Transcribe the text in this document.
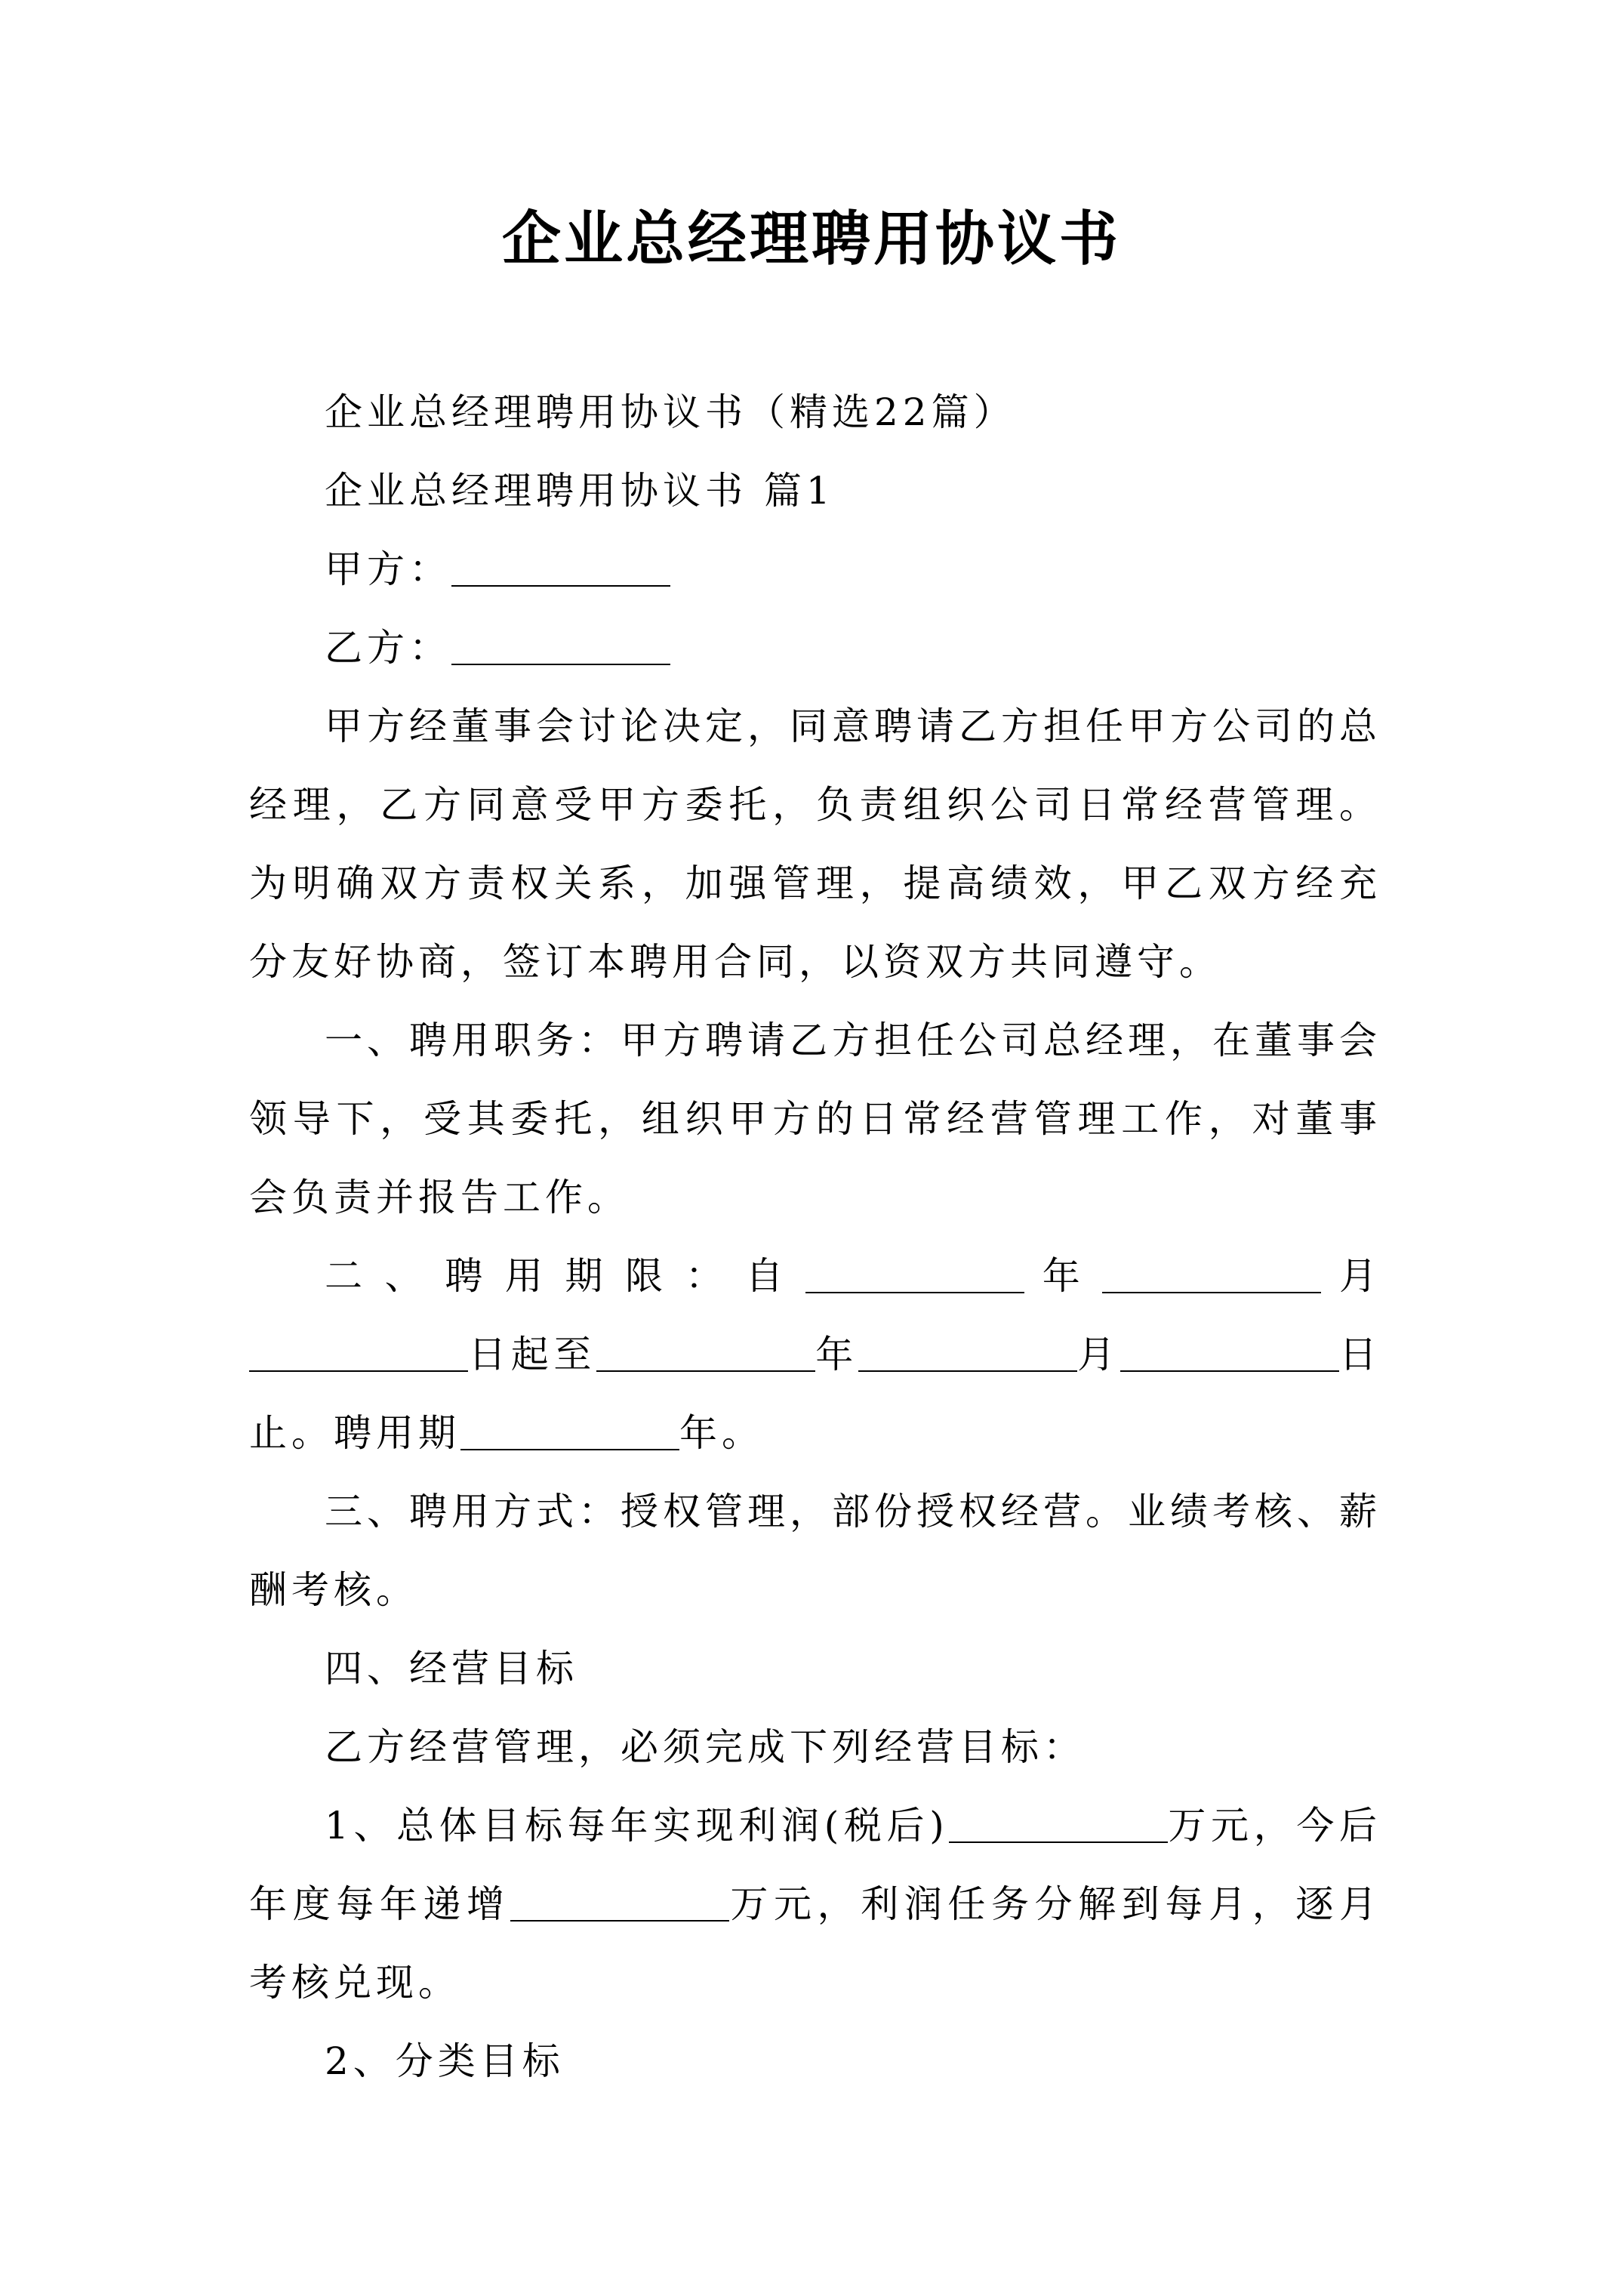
企业总经理聘用协议书

企业总经理聘用协议书（精选22篇）

企业总经理聘用协议书 篇1

甲方：

乙方：

甲方经董事会讨论决定，同意聘请乙方担任甲方公司的总经理，乙方同意受甲方委托，负责组织公司日常经营管理。为明确双方责权关系，加强管理，提高绩效，甲乙双方经充分友好协商，签订本聘用合同，以资双方共同遵守。

一、聘用职务：甲方聘请乙方担任公司总经理，在董事会领导下，受其委托，组织甲方的日常经营管理工作，对董事会负责并报告工作。

二、聘用期限：自	年	月日起至	年	月	日止。聘用期	年。

三、聘用方式：授权管理，部份授权经营。业绩考核、薪酬考核。

四、经营目标

乙方经营管理，必须完成下列经营目标：

1、总体目标每年实现利润(税后)	万元，今后年度每年递增	万元，利润任务分解到每月，逐月考核兑现。

2、分类目标
